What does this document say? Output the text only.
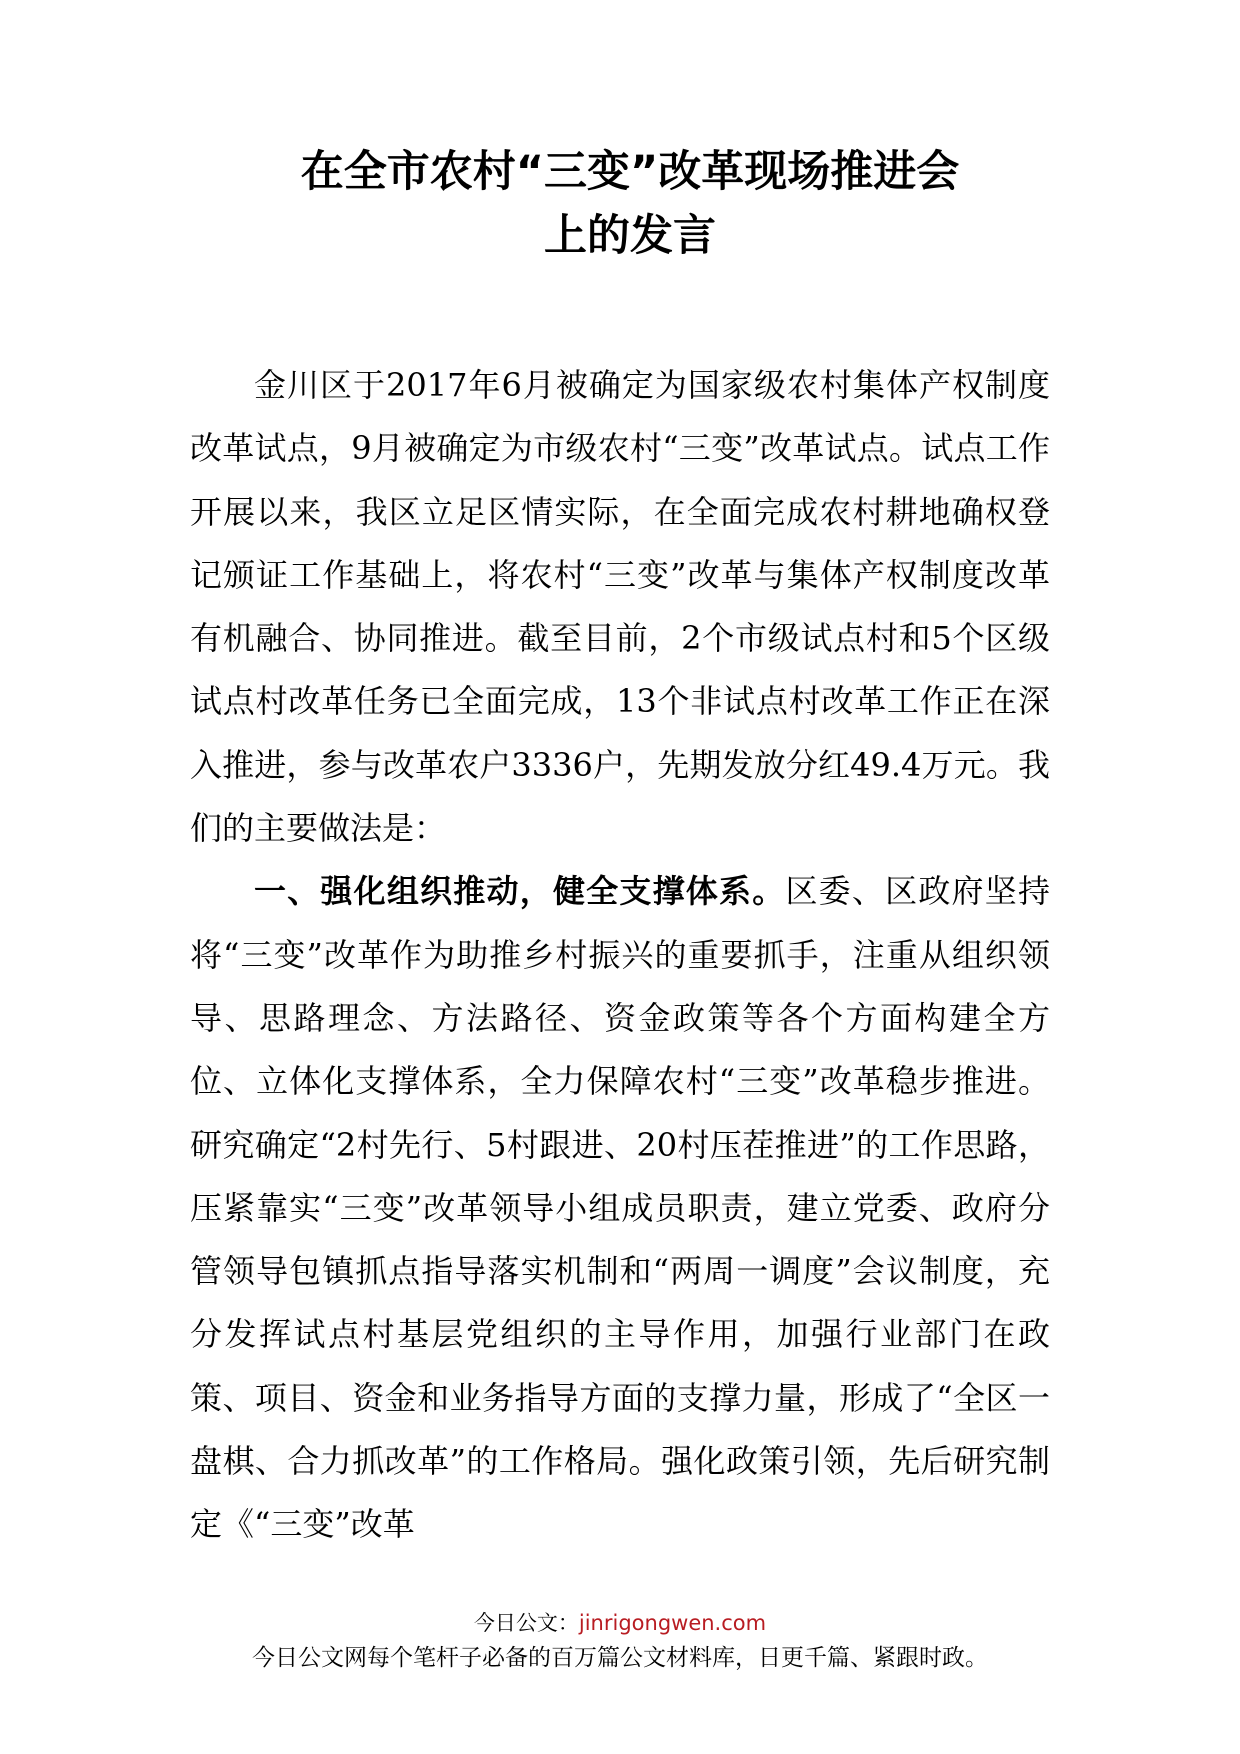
在全市农村“三变”改革现场推进会
上的发言

金川区于2017年6月被确定为国家级农村集体产权制度改革试点，9月被确定为市级农村“三变”改革试点。试点工作开展以来，我区立足区情实际，在全面完成农村耕地确权登记颁证工作基础上，将农村“三变”改革与集体产权制度改革有机融合、协同推进。截至目前，2个市级试点村和5个区级试点村改革任务已全面完成，13个非试点村改革工作正在深入推进，参与改革农户3336户，先期发放分红49.4万元。我们的主要做法是：

一、强化组织推动，健全支撑体系。区委、区政府坚持将“三变”改革作为助推乡村振兴的重要抓手，注重从组织领导、思路理念、方法路径、资金政策等各个方面构建全方位、立体化支撑体系，全力保障农村“三变”改革稳步推进。研究确定“2村先行、5村跟进、20村压茬推进”的工作思路，压紧靠实“三变”改革领导小组成员职责，建立党委、政府分管领导包镇抓点指导落实机制和“两周一调度”会议制度，充分发挥试点村基层党组织的主导作用，加强行业部门在政策、项目、资金和业务指导方面的支撑力量，形成了“全区一盘棋、合力抓改革”的工作格局。强化政策引领，先后研究制定《“三变”改革

今日公文：jinrigongwen.com
今日公文网每个笔杆子必备的百万篇公文材料库，日更千篇、紧跟时政。
